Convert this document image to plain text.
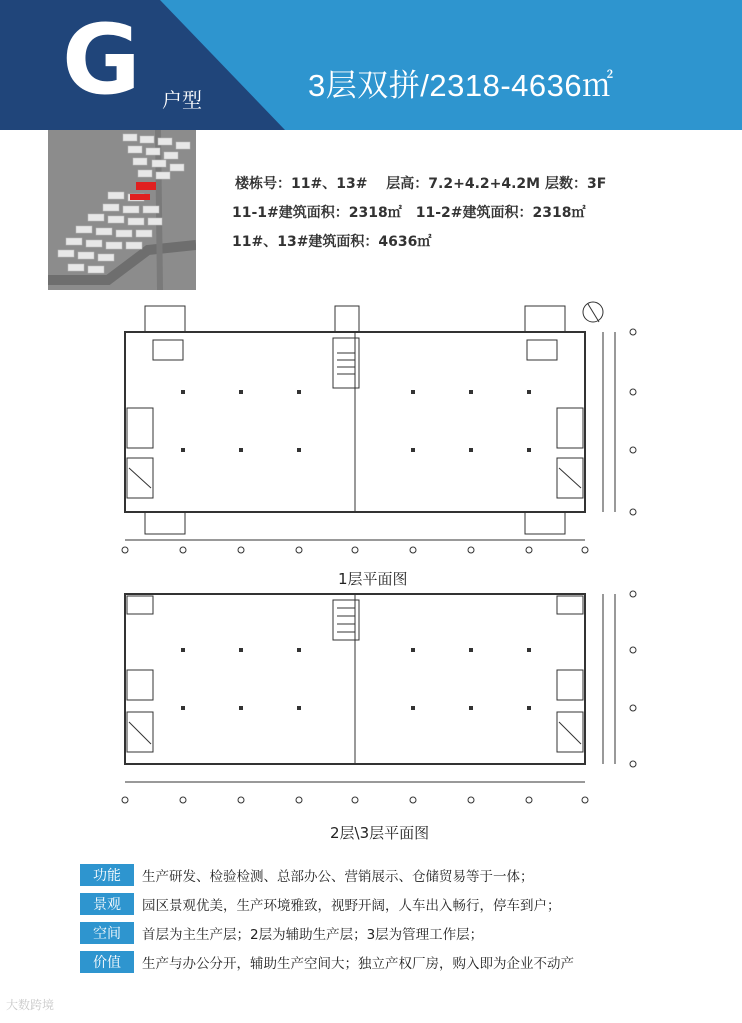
G 户型	3层双拼/2318-4636㎡
楼栋号：11#、13#　 层高：7.2+4.2+4.2M 层数：3F
11-1#建筑面积：2318㎡　11-2#建筑面积：2318㎡
11#、13#建筑面积：4636㎡
1层平面图
2层\3层平面图
功能	生产研发、检验检测、总部办公、营销展示、仓储贸易等于一体；
景观	园区景观优美，生产环境雅致，视野开阔，人车出入畅行，停车到户；
空间	首层为主生产层；2层为辅助生产层；3层为管理工作层；
价值	生产与办公分开，辅助生产空间大；独立产权厂房，购入即为企业不动产
大数跨境
